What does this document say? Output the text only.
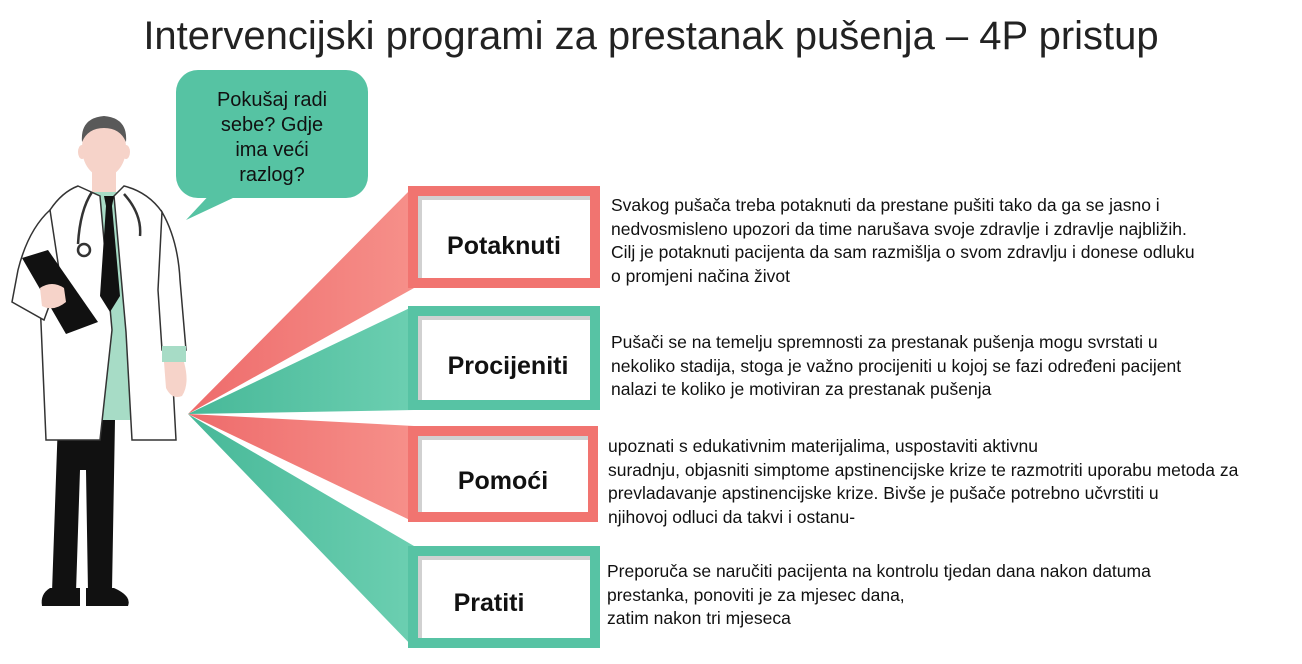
Intervencijski programi za prestanak pušenja – 4P pristup
Pokušaj radi
sebe? Gdje
ima veći
razlog?
Potaknuti
Procijeniti
Pomoći
Pratiti
Svakog pušača treba potaknuti da prestane pušiti tako da ga se jasno i
nedvosmisleno upozori da time narušava svoje zdravlje i zdravlje najbližih.
Cilj je potaknuti pacijenta da sam razmišlja o svom zdravlju i donese odluku
o promjeni načina život
Pušači se na temelju spremnosti za prestanak pušenja mogu svrstati u
nekoliko stadija, stoga je važno procijeniti u kojoj se fazi određeni pacijent
nalazi te koliko je motiviran za prestanak pušenja
upoznati s edukativnim materijalima, uspostaviti aktivnu
suradnju, objasniti simptome apstinencijske krize te razmotriti uporabu metoda za
prevladavanje apstinencijske krize. Bivše je pušače potrebno učvrstiti u
njihovoj odluci da takvi i ostanu-
Preporuča se naručiti pacijenta na kontrolu tjedan dana nakon datuma
prestanka, ponoviti je za mjesec dana,
zatim nakon tri mjeseca
